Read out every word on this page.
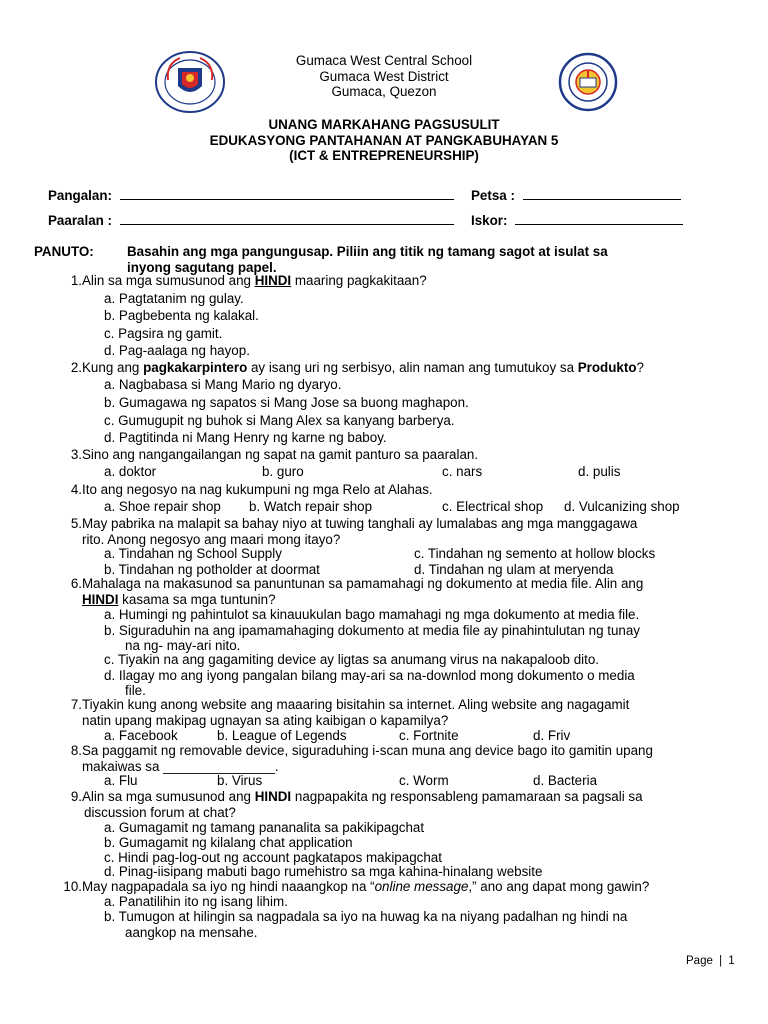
Gumaca West Central School
Gumaca West District
Gumaca, Quezon
UNANG MARKAHANG PAGSUSULIT
EDUKASYONG PANTAHANAN AT PANGKABUHAYAN 5
(ICT & ENTREPRENEURSHIP)
Pangalan:	Petsa :
Paaralan :	Iskor:
PANUTO: Basahin ang mga pangungusap. Piliin ang titik ng tamang sagot at isulat sa
inyong sagutang papel.
1. Alin sa mga sumusunod ang HINDI maaring pagkakitaan?
a. Pagtatanim ng gulay.
b. Pagbebenta ng kalakal.
c. Pagsira ng gamit.
d. Pag-aalaga ng hayop.
2. Kung ang pagkakarpintero ay isang uri ng serbisyo, alin naman ang tumutukoy sa Produkto?
a. Nagbabasa si Mang Mario ng dyaryo.
b. Gumagawa ng sapatos si Mang Jose sa buong maghapon.
c. Gumugupit ng buhok si Mang Alex sa kanyang barberya.
d. Pagtitinda ni Mang Henry ng karne ng baboy.
3. Sino ang nangangailangan ng sapat na gamit panturo sa paaralan.
a. doktor	b. guro	c. nars	d. pulis
4. Ito ang negosyo na nag kukumpuni ng mga Relo at Alahas.
a. Shoe repair shop b. Watch repair shop	c. Electrical shop d. Vulcanizing shop
5. May pabrika na malapit sa bahay niyo at tuwing tanghali ay lumalabas ang mga manggagawa
rito. Anong negosyo ang maari mong itayo?
a. Tindahan ng School Supply	c. Tindahan ng semento at hollow blocks
b. Tindahan ng potholder at doormat	d. Tindahan ng ulam at meryenda
6. Mahalaga na makasunod sa panuntunan sa pamamahagi ng dokumento at media file. Alin ang
HINDI kasama sa mga tuntunin?
a. Humingi ng pahintulot sa kinauukulan bago mamahagi ng mga dokumento at media file.
b. Siguraduhin na ang ipamamahaging dokumento at media file ay pinahintulutan ng tunay
na ng- may-ari nito.
c. Tiyakin na ang gagamiting device ay ligtas sa anumang virus na nakapaloob dito.
d. Ilagay mo ang iyong pangalan bilang may-ari sa na-downlod mong dokumento o media
file.
7. Tiyakin kung anong website ang maaaring bisitahin sa internet. Aling website ang nagagamit
natin upang makipag ugnayan sa ating kaibigan o kapamilya?
a. Facebook	b. League of Legends	c. Fortnite	d. Friv
8. Sa paggamit ng removable device, siguraduhing i-scan muna ang device bago ito gamitin upang
makaiwas sa _______________.
a. Flu	b. Virus	c. Worm	d. Bacteria
9. Alin sa mga sumusunod ang HINDI nagpapakita ng responsableng pamamaraan sa pagsali sa
discussion forum at chat?
a. Gumagamit ng tamang pananalita sa pakikipagchat
b. Gumagamit ng kilalang chat application
c. Hindi pag-log-out ng account pagkatapos makipagchat
d. Pinag-iisipang mabuti bago rumehistro sa mga kahina-hinalang website
10. May nagpapadala sa iyo ng hindi naaangkop na “online message,” ano ang dapat mong gawin?
a. Panatilihin ito ng isang lihim.
b. Tumugon at hilingin sa nagpadala sa iyo na huwag ka na niyang padalhan ng hindi na
aangkop na mensahe.
Page | 1
